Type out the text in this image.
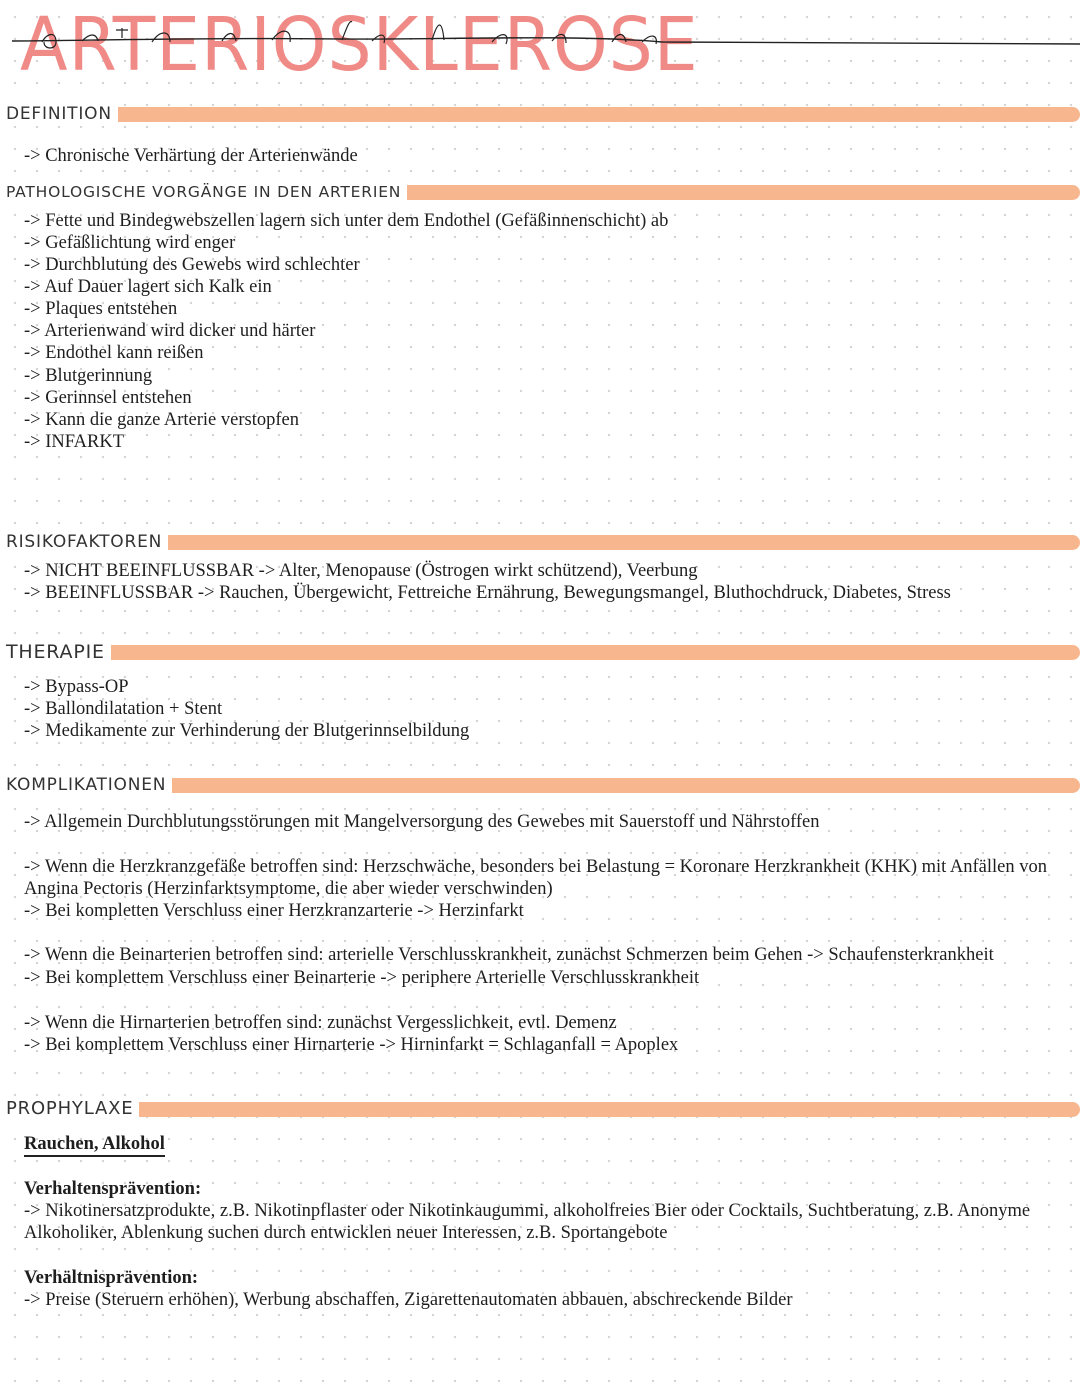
ARTERIOSKLEROSE
DEFINITION
-> Chronische Verhärtung der Arterienwände
PATHOLOGISCHE VORGÄNGE IN DEN ARTERIEN
-> Fette und Bindegwebszellen lagern sich unter dem Endothel (Gefäßinnenschicht) ab
-> Gefäßlichtung wird enger
-> Durchblutung des Gewebs wird schlechter
-> Auf Dauer lagert sich Kalk ein
-> Plaques entstehen
-> Arterienwand wird dicker und härter
-> Endothel kann reißen
-> Blutgerinnung
-> Gerinnsel entstehen
-> Kann die ganze Arterie verstopfen
-> INFARKT
RISIKOFAKTOREN
-> NICHT BEEINFLUSSBAR -> Alter, Menopause (Östrogen wirkt schützend), Veerbung
-> BEEINFLUSSBAR -> Rauchen, Übergewicht, Fettreiche Ernährung, Bewegungsmangel, Bluthochdruck, Diabetes, Stress
THERAPIE
-> Bypass-OP
-> Ballondilatation + Stent
-> Medikamente zur Verhinderung der Blutgerinnselbildung
KOMPLIKATIONEN
-> Allgemein Durchblutungsstörungen mit Mangelversorgung des Gewebes mit Sauerstoff und Nährstoffen
-> Wenn die Herzkranzgefäße betroffen sind: Herzschwäche, besonders bei Belastung = Koronare Herzkrankheit (KHK) mit Anfällen von Angina Pectoris (Herzinfarktsymptome, die aber wieder verschwinden)
-> Bei kompletten Verschluss einer Herzkranzarterie -> Herzinfarkt
-> Wenn die Beinarterien betroffen sind: arterielle Verschlusskrankheit, zunächst Schmerzen beim Gehen -> Schaufensterkrankheit
-> Bei komplettem Verschluss einer Beinarterie -> periphere Arterielle Verschlusskrankheit
-> Wenn die Hirnarterien betroffen sind: zunächst Vergesslichkeit, evtl. Demenz
-> Bei komplettem Verschluss einer Hirnarterie -> Hirninfarkt = Schlaganfall = Apoplex
PROPHYLAXE
Rauchen, Alkohol
Verhaltensprävention:
-> Nikotinersatzprodukte, z.B. Nikotinpflaster oder Nikotinkaugummi, alkoholfreies Bier oder Cocktails, Suchtberatung, z.B. Anonyme Alkoholiker, Ablenkung suchen durch entwicklen neuer Interessen, z.B. Sportangebote
Verhältnisprävention:
-> Preise (Steruern erhöhen), Werbung abschaffen, Zigarettenautomaten abbauen, abschreckende Bilder
